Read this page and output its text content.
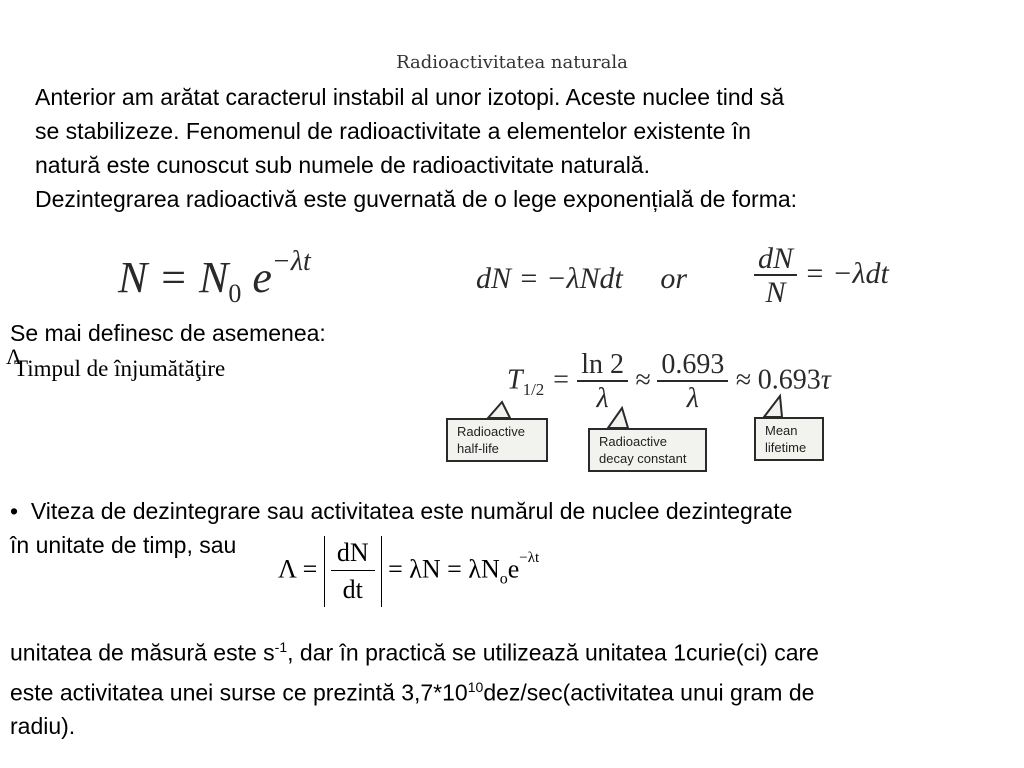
Radioactivitatea naturala
Anterior am arătat caracterul instabil al unor izotopi. Aceste nuclee tind să
se stabilizeze. Fenomenul de radioactivitate a elementelor existente în
natură este cunoscut sub numele de radioactivitate naturală.
Dezintegrarea radioactivă este guvernată de o lege exponențială de forma:
$N = N_0$ $e^{-\lambda t}$
dN = −λNdt     or $\frac{dN}{N} = -\lambda dt$
Se mai definesc de asemenea:
Λ
Timpul de înjumătăţire	$T_{1/2} = \frac{\ln 2}{\lambda} \approx \frac{0.693}{\lambda} \approx 0.693\tau$
Radioactive
half-life	Radioactive
decay constant
Mean
lifetime
• Viteza de dezintegrare sau activitatea este numărul de nuclee dezintegrate
în unitate de timp, sau
$\Lambda = \frac{dN}{dt} = \lambda N = \lambda N_oe^{-\lambda t}$
unitatea de măsură este $s^{-1}$, dar în practică se utilizează unitatea 1curie(ci) care
este activitatea unei surse ce prezintă $3,7*10^{10}dez/\sec(activitatea$ unui gram de
radiu).
